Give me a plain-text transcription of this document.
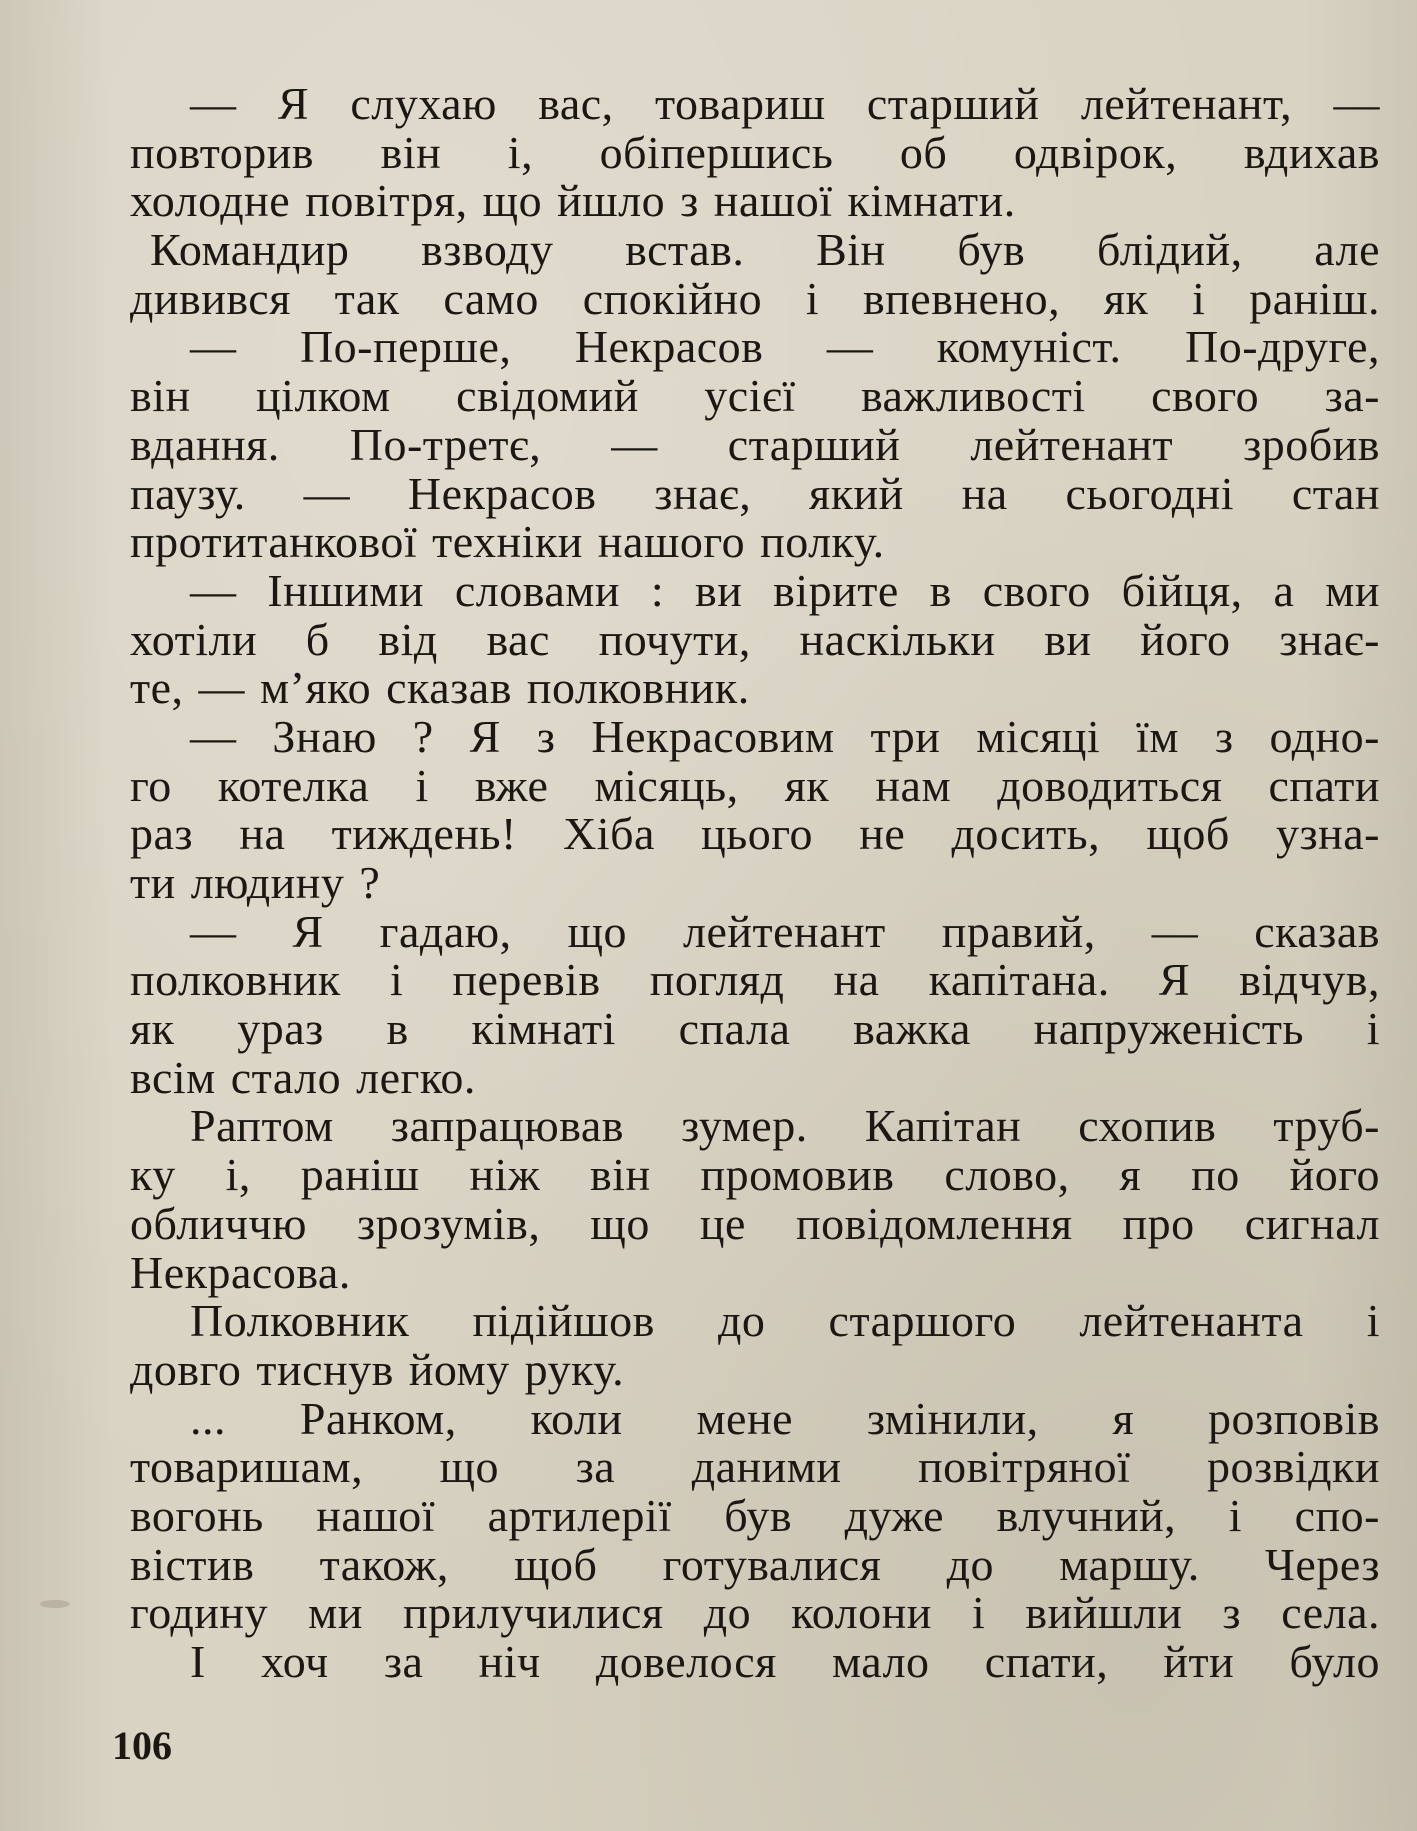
— Я слухаю вас, товариш старший лейтенант, —
повторив він і, обіпершись об одвірок, вдихав
холодне повітря, що йшло з нашої кімнати.
Командир взводу встав. Він був блідий, але
дивився так само спокійно і впевнено, як і раніш.
— По-перше, Некрасов — комуніст. По-друге,
він цілком свідомий усієї важливості свого за-
вдання. По-третє, — старший лейтенант зробив
паузу. — Некрасов знає, який на сьогодні стан
протитанкової техніки нашого полку.
— Іншими словами : ви вірите в свого бійця, а ми
хотіли б від вас почути, наскільки ви його знає-
те, — м’яко сказав полковник.
— Знаю ? Я з Некрасовим три місяці їм з одно-
го котелка і вже місяць, як нам доводиться спати
раз на тиждень! Хіба цього не досить, щоб узна-
ти людину ?
— Я гадаю, що лейтенант правий, — сказав
полковник і перевів погляд на капітана. Я відчув,
як ураз в кімнаті спала важка напруженість і
всім стало легко.
Раптом запрацював зумер. Капітан схопив труб-
ку і, раніш ніж він промовив слово, я по його
обличчю зрозумів, що це повідомлення про сигнал
Некрасова.
Полковник підійшов до старшого лейтенанта і
довго тиснув йому руку.
... Ранком, коли мене змінили, я розповів
товаришам, що за даними повітряної розвідки
вогонь нашої артилерії був дуже влучний, і спо-
вістив також, щоб готувалися до маршу. Через
годину ми прилучилися до колони і вийшли з села.
І хоч за ніч довелося мало спати, йти було
106
